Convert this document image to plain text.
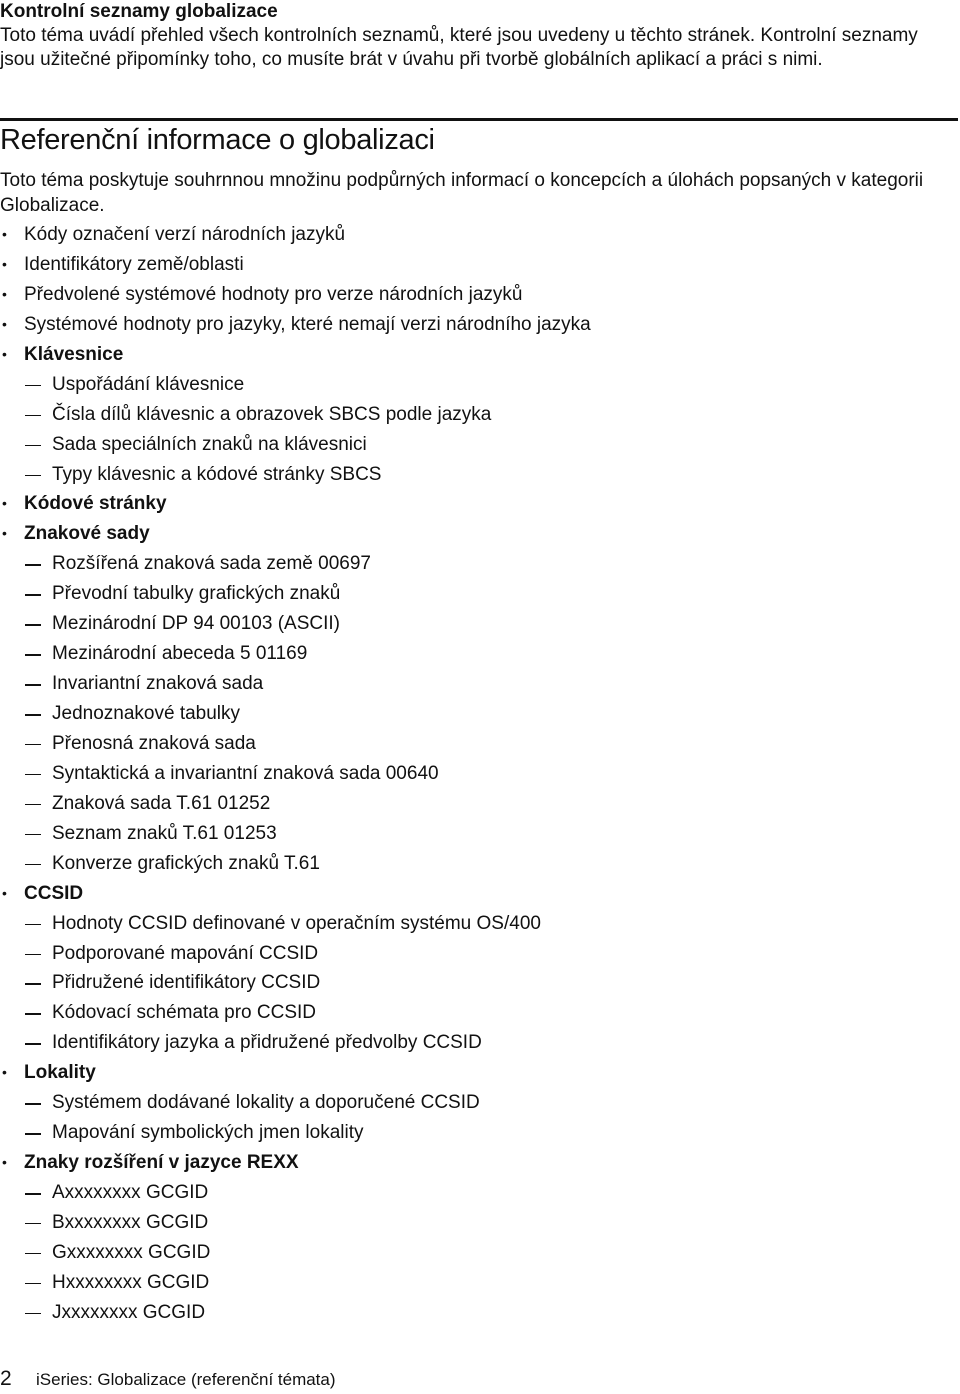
Kontrolní seznamy globalizace

Toto téma uvádí přehled všech kontrolních seznamů, které jsou uvedeny u těchto stránek. Kontrolní seznamy jsou užitečné připomínky toho, co musíte brát v úvahu při tvorbě globálních aplikací a práci s nimi.

Referenční informace o globalizaci

Toto téma poskytuje souhrnnou množinu podpůrných informací o koncepcích a úlohách popsaných v kategorii Globalizace.

• Kódy označení verzí národních jazyků
• Identifikátory země/oblasti
• Předvolené systémové hodnoty pro verze národních jazyků
• Systémové hodnoty pro jazyky, které nemají verzi národního jazyka
• Klávesnice
Uspořádání klávesnice
Čísla dílů klávesnic a obrazovek SBCS podle jazyka
Sada speciálních znaků na klávesnici
Typy klávesnic a kódové stránky SBCS
• Kódové stránky
• Znakové sady
Rozšířená znaková sada země 00697
Převodní tabulky grafických znaků
Mezinárodní DP 94 00103 (ASCII)
Mezinárodní abeceda 5 01169
Invariantní znaková sada
Jednoznakové tabulky
Přenosná znaková sada
Syntaktická a invariantní znaková sada 00640
Znaková sada T.61 01252
Seznam znaků T.61 01253
Konverze grafických znaků T.61
• CCSID
Hodnoty CCSID definované v operačním systému OS/400
Podporované mapování CCSID
Přidružené identifikátory CCSID
Kódovací schémata pro CCSID
Identifikátory jazyka a přidružené předvolby CCSID
• Lokality
Systémem dodávané lokality a doporučené CCSID
Mapování symbolických jmen lokality
• Znaky rozšíření v jazyce REXX
Axxxxxxxx GCGID
Bxxxxxxxx GCGID
Gxxxxxxxx GCGID
Hxxxxxxxx GCGID
Jxxxxxxxx GCGID
2 iSeries: Globalizace (referenční témata)
